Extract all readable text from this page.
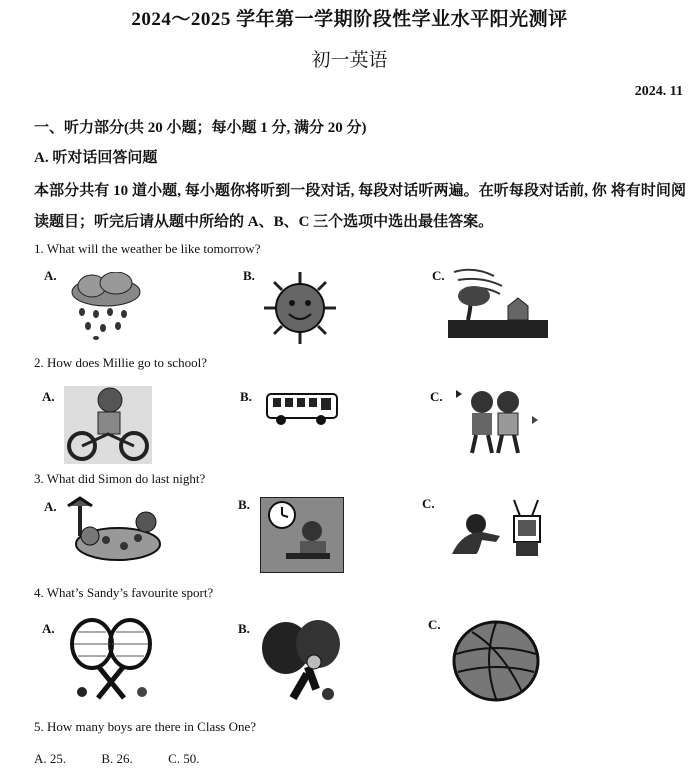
2024～2025 学年第一学期阶段性学业水平阳光测评
初一英语
2024. 11
一、听力部分(共 20 小题；每小题 1 分, 满分 20 分)
A. 听对话回答问题
本部分共有 10 道小题, 每小题你将听到一段对话, 每段对话听两遍。在听每段对话前, 你 将有时间阅读题目；听完后请从题中所给的 A、B、C 三个选项中选出最佳答案。
1. What will the weather be like tomorrow?
A.	B.	C.
2. How does Millie go to school?
A.	B.	C.
3. What did Simon do last night?
A.	B.	C.
4. What’s Sandy’s favourite sport?
A.	B.	C.
5. How many boys are there in Class One?
A. 25.	B. 26.	C. 50.
